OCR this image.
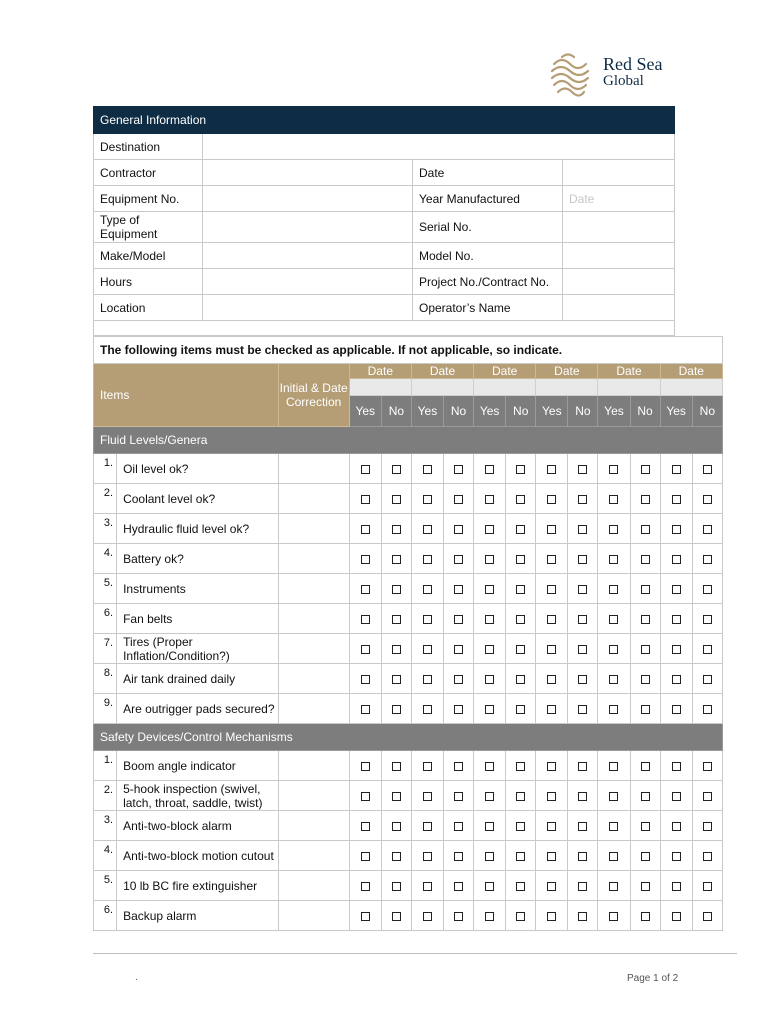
Red Sea
Global
General Information			
Destination			
Contractor		Date	
Equipment No.		Year Manufactured	Date
Type of Equipment		Serial No.	
Make/Model		Model No.	
Hours		Project No./Contract No.	
Location		Operator’s Name	

The following items must be checked as applicable. If not applicable, so indicate.														
Items		Initial & Date Correction	Date		Date		Date		Date		Date		Date	

			Yes	No	Yes	No	Yes	No	Yes	No	Yes	No	Yes	No
Fluid Levels/Genera														

1.	Oil level ok?													

2.	Coolant level ok?													

3.	Hydraulic fluid level ok?													

4.	Battery ok?													

5.	Instruments													

6.	Fan belts													

7.	Tires (Proper Inflation/Condition?)													

8.	Air tank drained daily													

9.	Are outrigger pads secured?													
Safety Devices/Control Mechanisms														

1.	Boom angle indicator													

2.	5-hook inspection (swivel, latch, throat, saddle, twist)													

3.	Anti-two-block alarm													

4.	Anti-two-block motion cutout													

5.	10 lb BC fire extinguisher													

6.	Backup alarm													
.	Page 1 of 2
